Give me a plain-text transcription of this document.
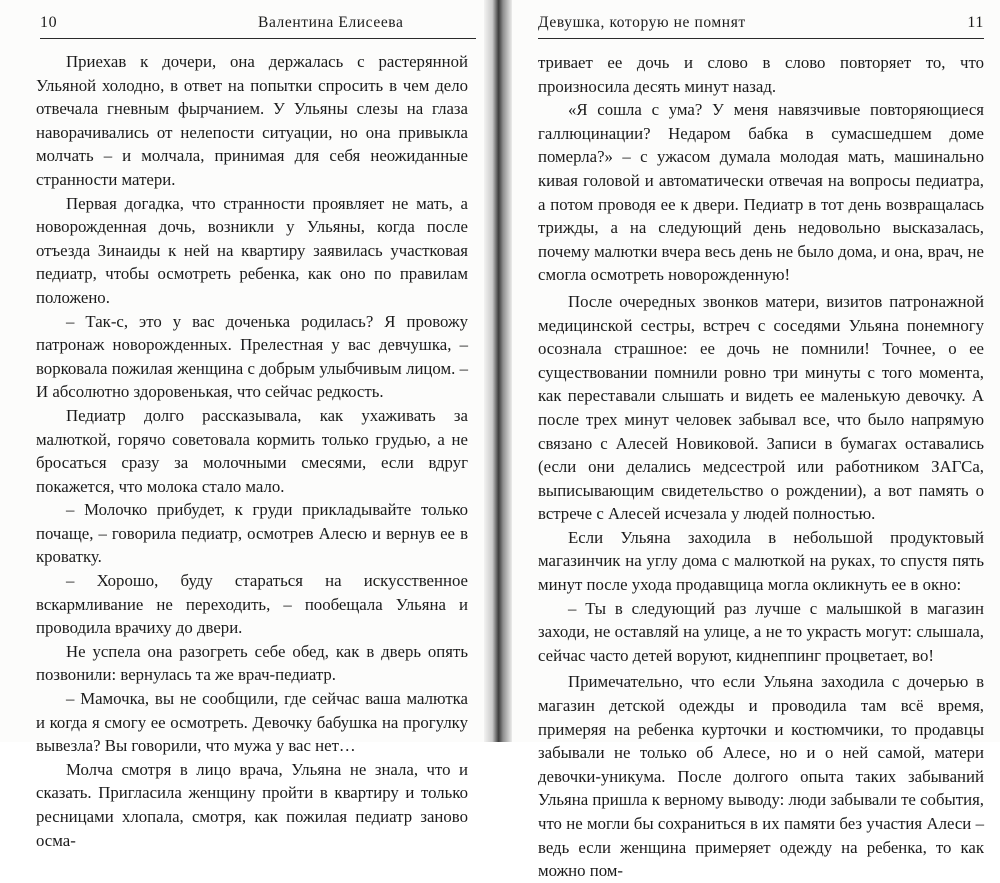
10	Валентина Елисеева

Приехав к дочери, она держалась с растерянной Ульяной холодно, в ответ на попытки спросить в чем дело отвечала гневным фырчанием. У Ульяны слезы на глаза наворачивались от нелепости ситуации, но она привыкла молчать – и молчала, принимая для себя неожиданные странности матери.

Первая догадка, что странности проявляет не мать, а новорожденная дочь, возникли у Ульяны, когда после отъезда Зинаиды к ней на квартиру заявилась участковая педиатр, чтобы осмотреть ребенка, как оно по правилам положено.

– Так-с, это у вас доченька родилась? Я провожу патронаж новорожденных. Прелестная у вас девчушка, – ворковала пожилая женщина с добрым улыбчивым лицом. – И абсолютно здоровенькая, что сейчас редкость.

Педиатр долго рассказывала, как ухаживать за малюткой, горячо советовала кормить только грудью, а не бросаться сразу за молочными смесями, если вдруг покажется, что молока стало мало.

– Молочко прибудет, к груди прикладывайте только почаще, – говорила педиатр, осмотрев Алесю и вернув ее в кроватку.

– Хорошо, буду стараться на искусственное вскармливание не переходить, – пообещала Ульяна и проводила врачиху до двери.

Не успела она разогреть себе обед, как в дверь опять позвонили: вернулась та же врач-педиатр.

– Мамочка, вы не сообщили, где сейчас ваша малютка и когда я смогу ее осмотреть. Девочку бабушка на прогулку вывезла? Вы говорили, что мужа у вас нет…

Молча смотря в лицо врача, Ульяна не знала, что и сказать. Пригласила женщину пройти в квартиру и только ресницами хлопала, смотря, как пожилая педиатр заново осма-

Девушка, которую не помнят	11

тривает ее дочь и слово в слово повторяет то, что произносила десять минут назад.

«Я сошла с ума? У меня навязчивые повторяющиеся галлюцинации? Недаром бабка в сумасшедшем доме померла?» – с ужасом думала молодая мать, машинально кивая головой и автоматически отвечая на вопросы педиатра, а потом проводя ее к двери. Педиатр в тот день возвращалась трижды, а на следующий день недовольно высказалась, почему малютки вчера весь день не было дома, и она, врач, не смогла осмотреть новорожденную!

После очередных звонков матери, визитов патронажной медицинской сестры, встреч с соседями Ульяна понемногу осознала страшное: ее дочь не помнили! Точнее, о ее существовании помнили ровно три минуты с того момента, как переставали слышать и видеть ее маленькую девочку. А после трех минут человек забывал все, что было напрямую связано с Алесей Новиковой. Записи в бумагах оставались (если они делались медсестрой или работником ЗАГСа, выписывающим свидетельство о рождении), а вот память о встрече с Алесей исчезала у людей полностью.

Если Ульяна заходила в небольшой продуктовый магазинчик на углу дома с малюткой на руках, то спустя пять минут после ухода продавщица могла окликнуть ее в окно:

– Ты в следующий раз лучше с малышкой в магазин заходи, не оставляй на улице, а не то украсть могут: слышала, сейчас часто детей воруют, киднеппинг процветает, во!

Примечательно, что если Ульяна заходила с дочерью в магазин детской одежды и проводила там всё время, примеряя на ребенка курточки и костюмчики, то продавцы забывали не только об Алесе, но и о ней самой, матери девочки-уникума. После долгого опыта таких забываний Ульяна пришла к верному выводу: люди забывали те события, что не могли бы сохраниться в их памяти без участия Алеси – ведь если женщина примеряет одежду на ребенка, то как можно пом-
